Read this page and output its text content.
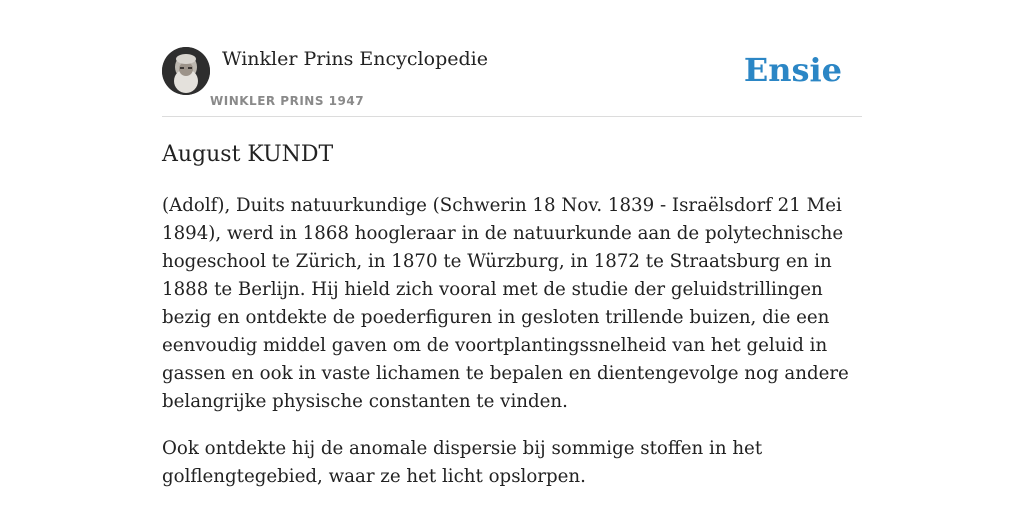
Winkler Prins Encyclopedie
WINKLER PRINS 1947
Ensie
August KUNDT

(Adolf), Duits natuurkundige (Schwerin 18 Nov. 1839 - Israëlsdorf 21 Mei 1894), werd in 1868 hoogleraar in de natuurkunde aan de polytechnische hogeschool te Zürich, in 1870 te Würzburg, in 1872 te Straatsburg en in 1888 te Berlijn. Hij hield zich vooral met de studie der geluidstrillingen bezig en ontdekte de poederfiguren in gesloten trillende buizen, die een eenvoudig middel gaven om de voortplantingssnelheid van het geluid in gassen en ook in vaste lichamen te bepalen en dientengevolge nog andere belangrijke physische constanten te vinden.

Ook ontdekte hij de anomale dispersie bij sommige stoffen in het golflengtegebied, waar ze het licht opslorpen.
